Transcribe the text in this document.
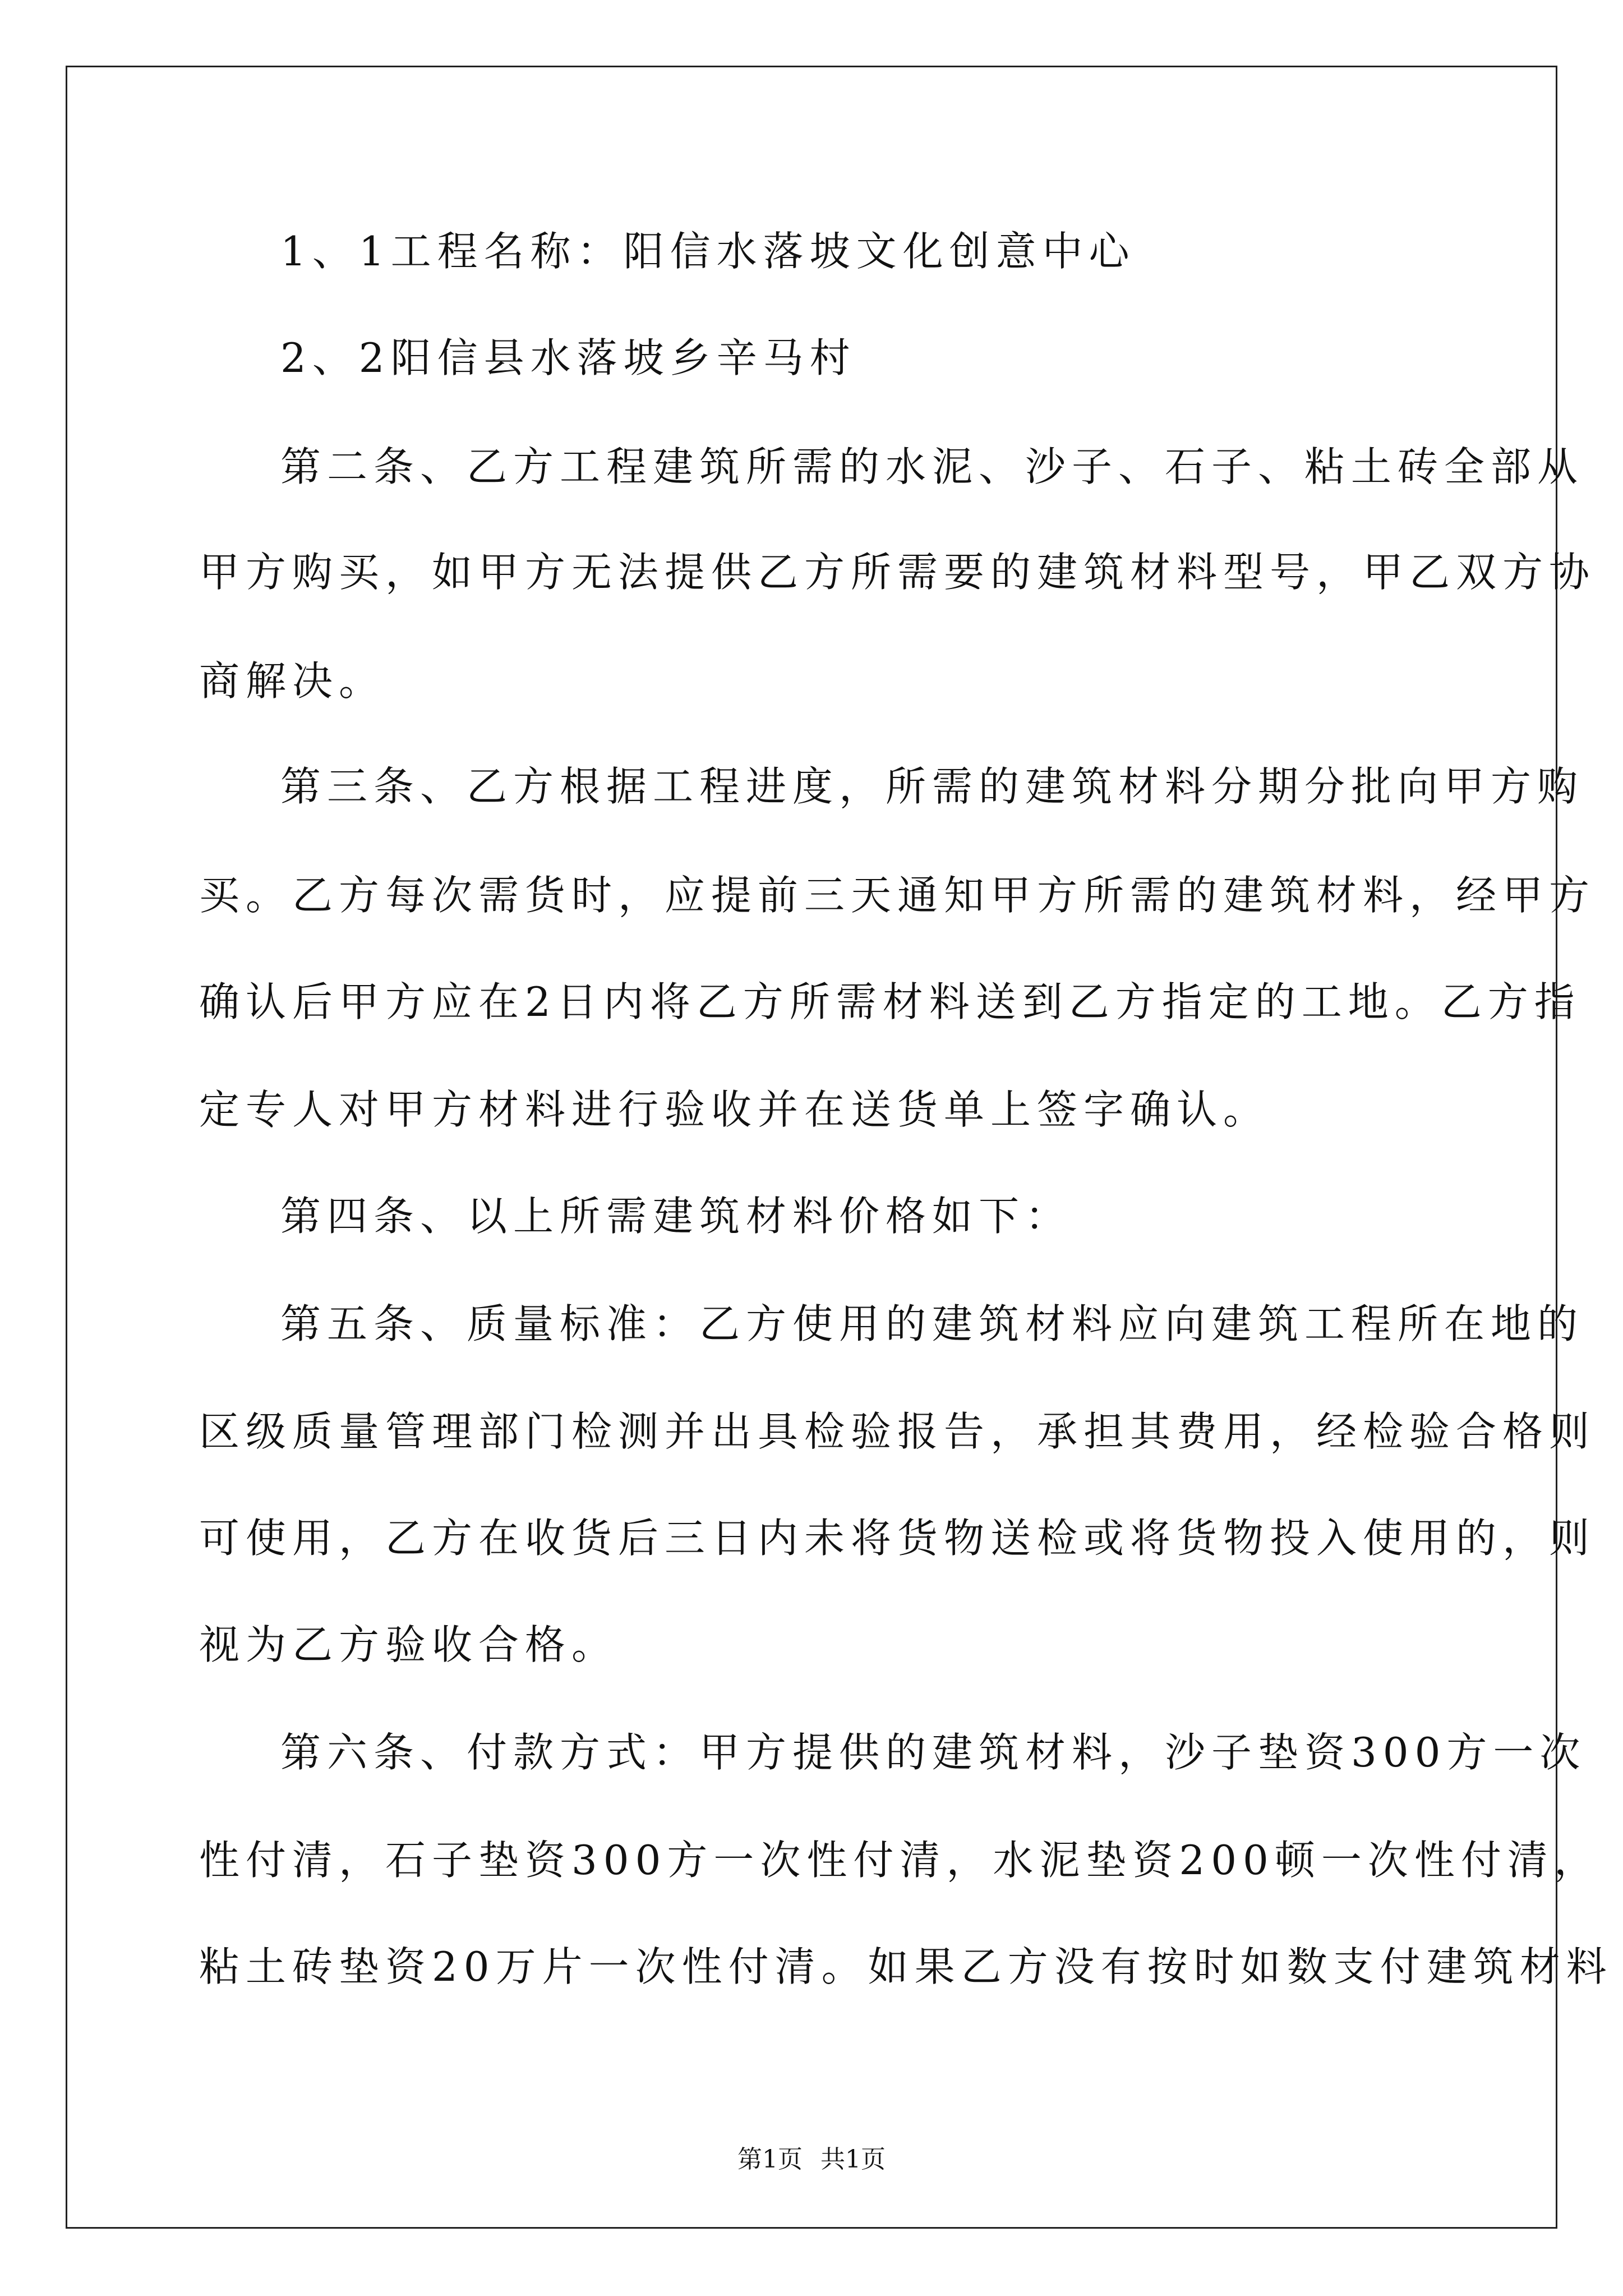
1、1工程名称：阳信水落坡文化创意中心
2、2阳信县水落坡乡辛马村
第二条、乙方工程建筑所需的水泥、沙子、石子、粘土砖全部从
甲方购买，如甲方无法提供乙方所需要的建筑材料型号，甲乙双方协
商解决。
第三条、乙方根据工程进度，所需的建筑材料分期分批向甲方购
买。乙方每次需货时，应提前三天通知甲方所需的建筑材料，经甲方
确认后甲方应在2日内将乙方所需材料送到乙方指定的工地。乙方指
定专人对甲方材料进行验收并在送货单上签字确认。
第四条、以上所需建筑材料价格如下：
第五条、质量标准：乙方使用的建筑材料应向建筑工程所在地的
区级质量管理部门检测并出具检验报告，承担其费用，经检验合格则
可使用，乙方在收货后三日内未将货物送检或将货物投入使用的，则
视为乙方验收合格。
第六条、付款方式：甲方提供的建筑材料，沙子垫资300方一次
性付清，石子垫资300方一次性付清，水泥垫资200顿一次性付清，
粘土砖垫资20万片一次性付清。如果乙方没有按时如数支付建筑材料
第1页 共1页
